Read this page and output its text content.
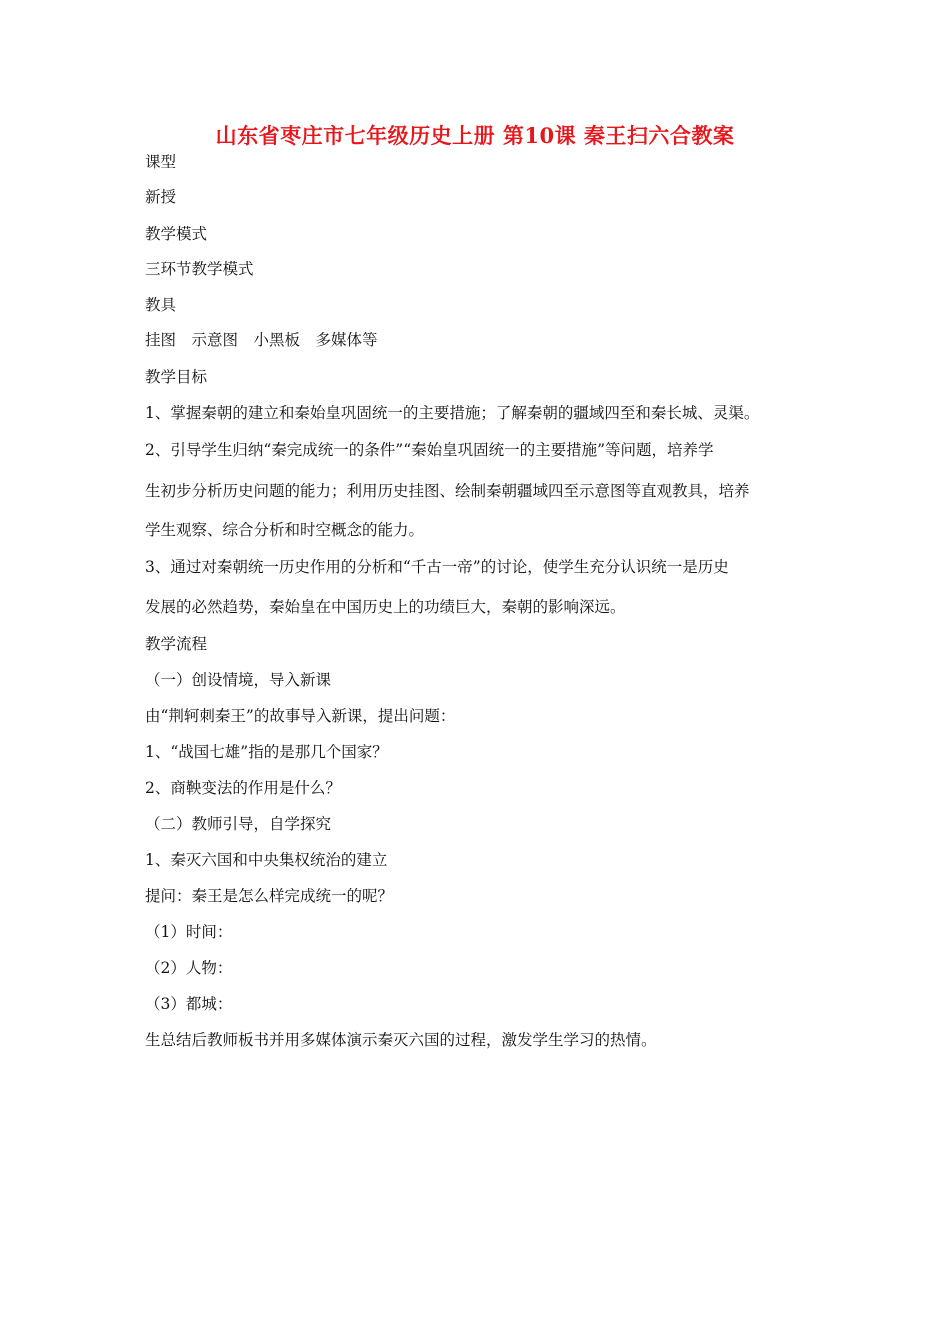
山东省枣庄市七年级历史上册 第10课 秦王扫六合教案
课型
新授
教学模式
三环节教学模式
教具
挂图　示意图　小黑板　多媒体等
教学目标
1、掌握秦朝的建立和秦始皇巩固统一的主要措施；了解秦朝的疆域四至和秦长城、灵渠。
2、引导学生归纳“秦完成统一的条件”“秦始皇巩固统一的主要措施”等问题，培养学
生初步分析历史问题的能力；利用历史挂图、绘制秦朝疆域四至示意图等直观教具，培养
学生观察、综合分析和时空概念的能力。
3、通过对秦朝统一历史作用的分析和“千古一帝”的讨论，使学生充分认识统一是历史
发展的必然趋势，秦始皇在中国历史上的功绩巨大，秦朝的影响深远。
教学流程
（一）创设情境，导入新课
由“荆轲刺秦王”的故事导入新课，提出问题：
1、“战国七雄”指的是那几个国家？
2、商鞅变法的作用是什么？
（二）教师引导，自学探究
1、秦灭六国和中央集权统治的建立
提问：秦王是怎么样完成统一的呢？
（1）时间：
（2）人物：
（3）都城：
生总结后教师板书并用多媒体演示秦灭六国的过程，激发学生学习的热情。
